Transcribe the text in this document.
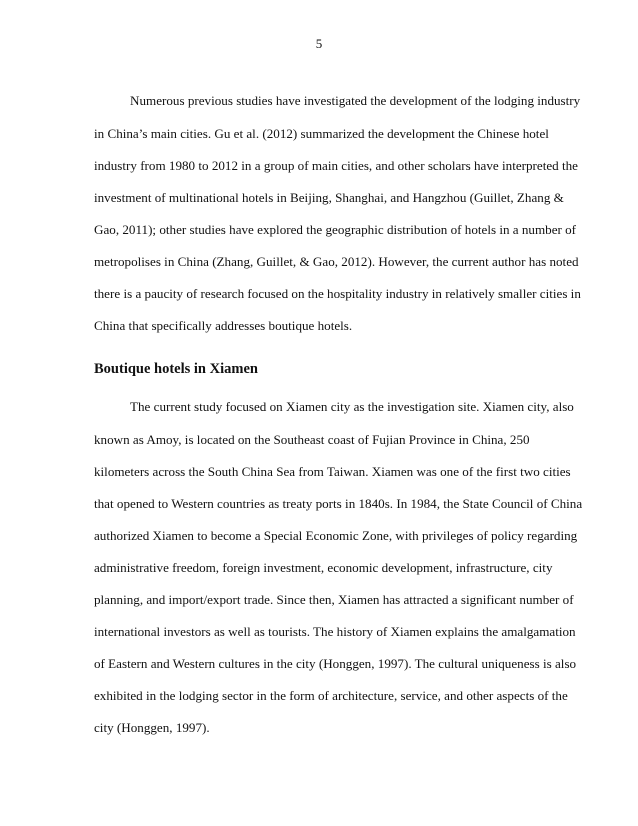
5
Numerous previous studies have investigated the development of the lodging industry
in China’s main cities. Gu et al. (2012) summarized the development the Chinese hotel
industry from 1980 to 2012 in a group of main cities, and other scholars have interpreted the
investment of multinational hotels in Beijing, Shanghai, and Hangzhou (Guillet, Zhang &
Gao, 2011); other studies have explored the geographic distribution of hotels in a number of
metropolises in China (Zhang, Guillet, & Gao, 2012). However, the current author has noted
there is a paucity of research focused on the hospitality industry in relatively smaller cities in
China that specifically addresses boutique hotels.
Boutique hotels in Xiamen
The current study focused on Xiamen city as the investigation site. Xiamen city, also
known as Amoy, is located on the Southeast coast of Fujian Province in China, 250
kilometers across the South China Sea from Taiwan. Xiamen was one of the first two cities
that opened to Western countries as treaty ports in 1840s. In 1984, the State Council of China
authorized Xiamen to become a Special Economic Zone, with privileges of policy regarding
administrative freedom, foreign investment, economic development, infrastructure, city
planning, and import/export trade. Since then, Xiamen has attracted a significant number of
international investors as well as tourists. The history of Xiamen explains the amalgamation
of Eastern and Western cultures in the city (Honggen, 1997). The cultural uniqueness is also
exhibited in the lodging sector in the form of architecture, service, and other aspects of the
city (Honggen, 1997).
